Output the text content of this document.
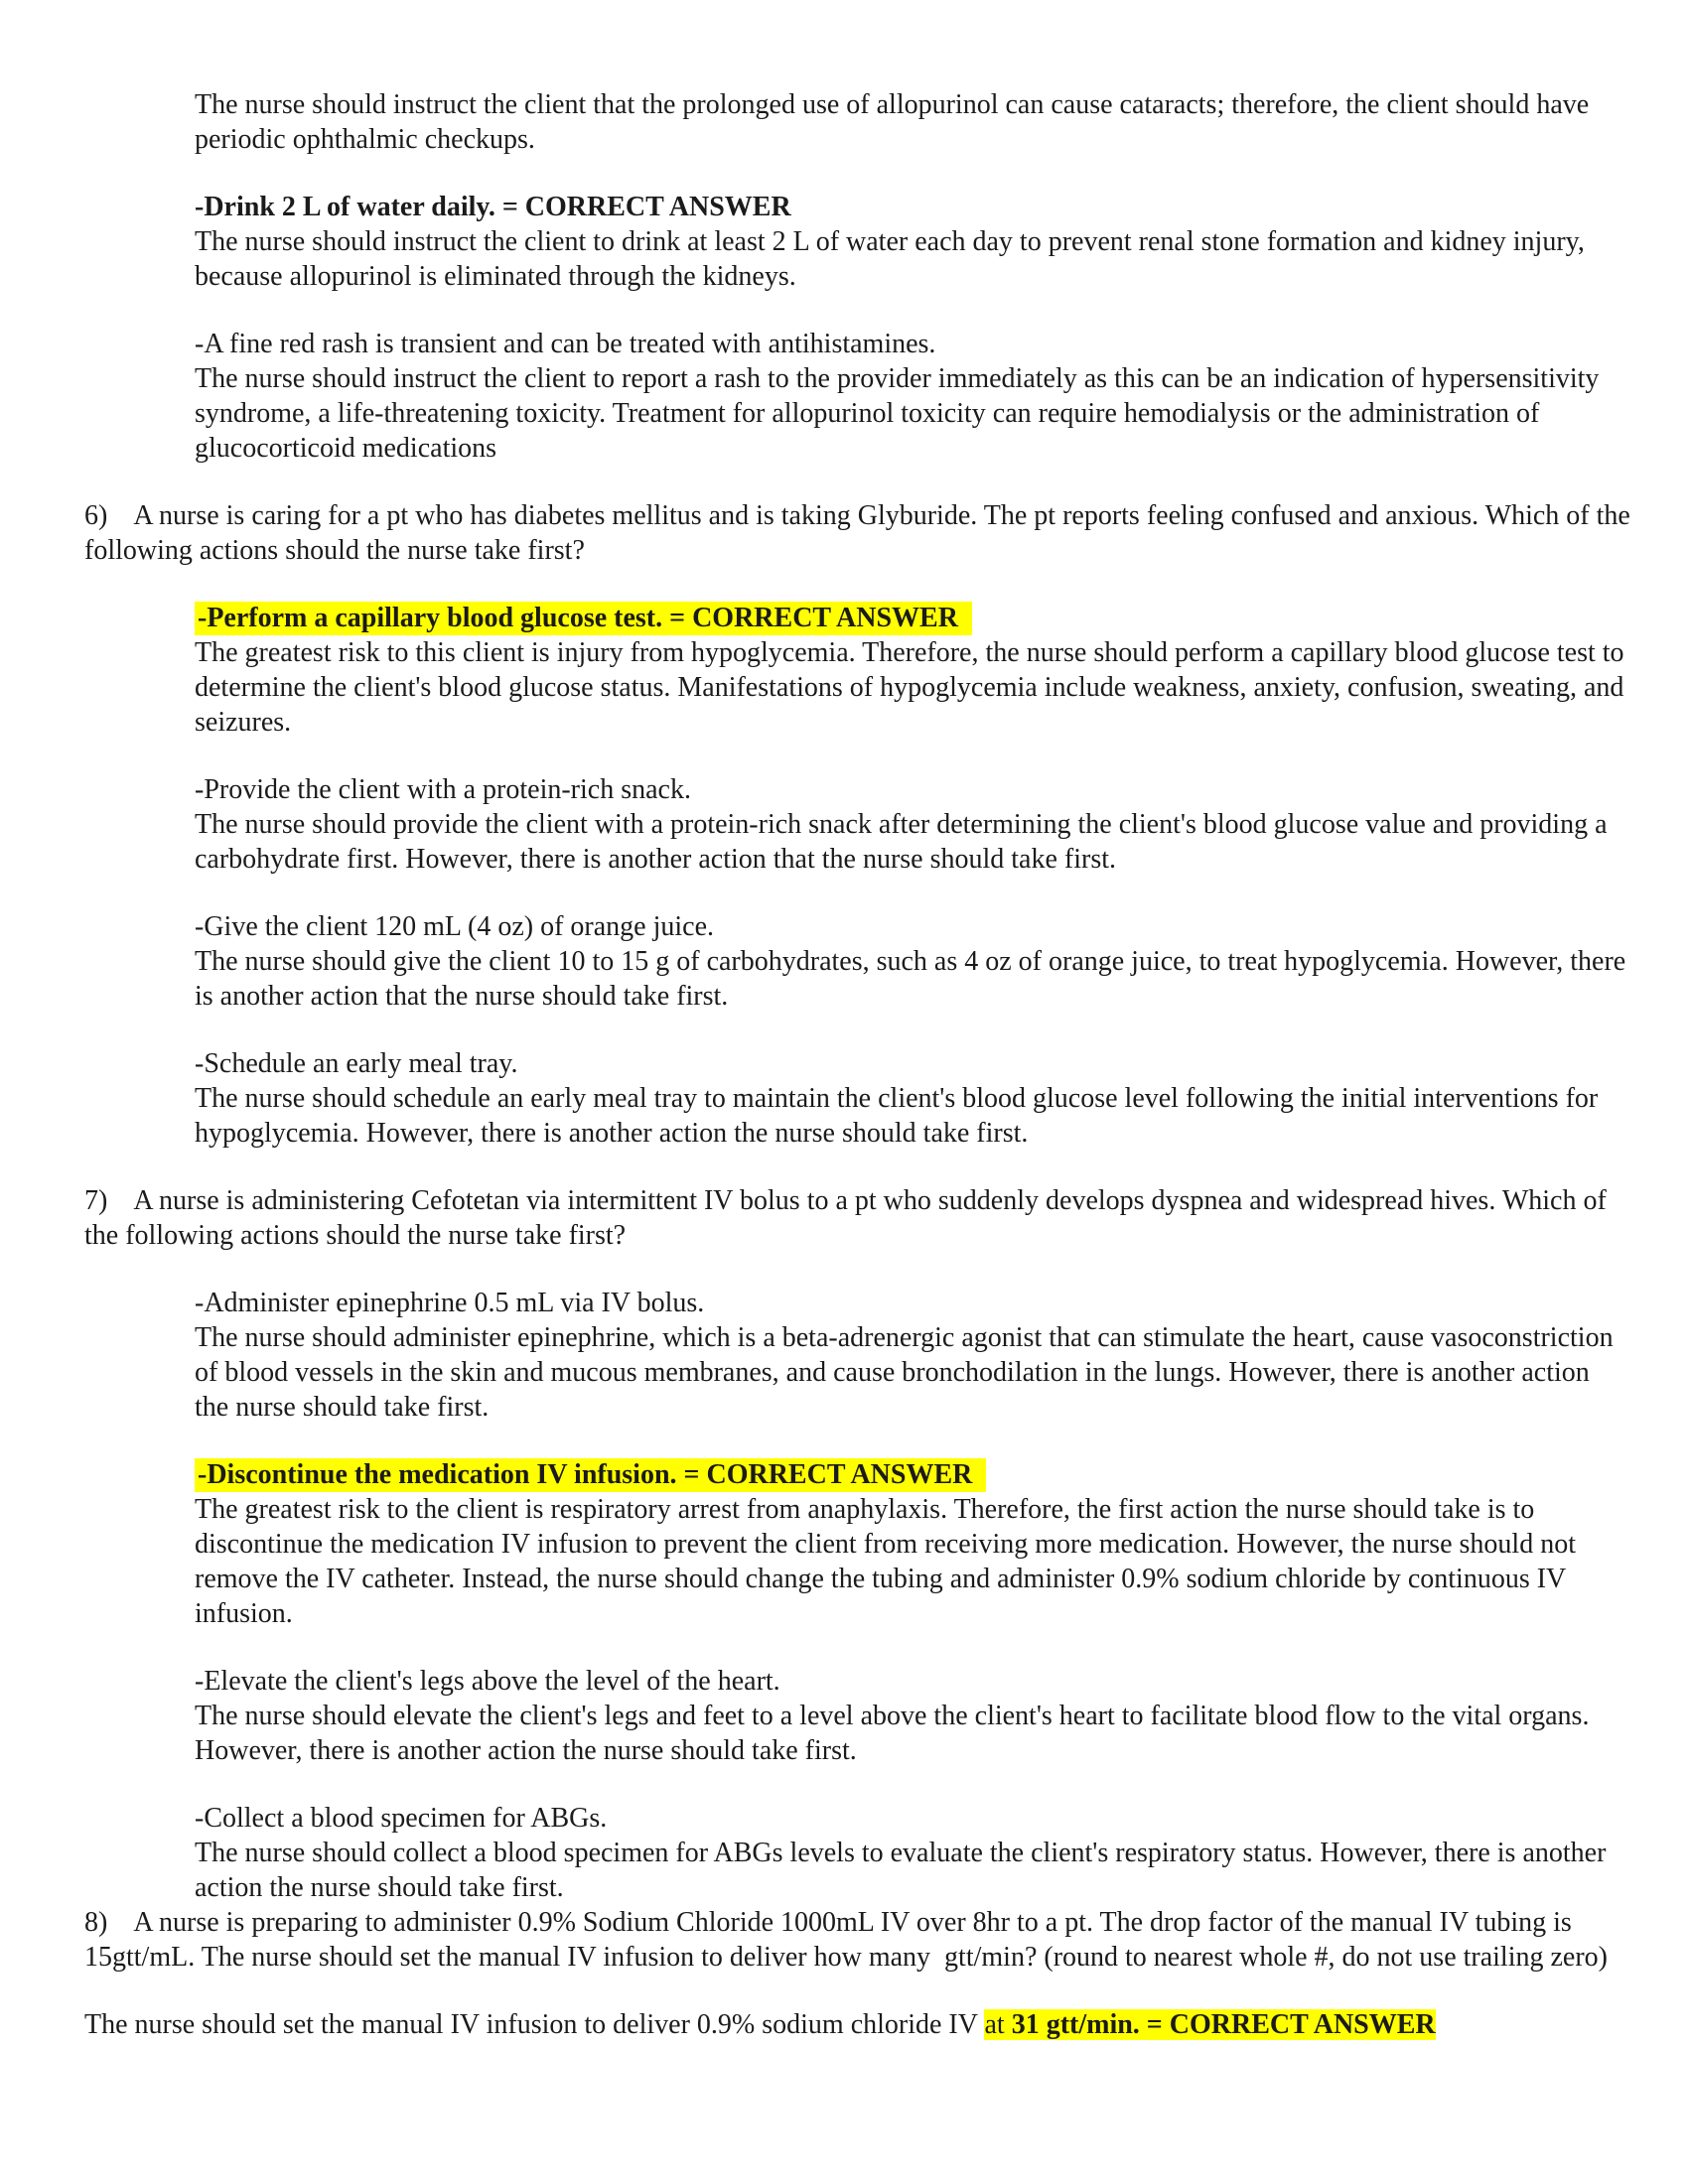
The nurse should instruct the client that the prolonged use of allopurinol can cause cataracts; therefore, the client should have periodic ophthalmic checkups.
-Drink 2 L of water daily. = CORRECT ANSWER
The nurse should instruct the client to drink at least 2 L of water each day to prevent renal stone formation and kidney injury, because allopurinol is eliminated through the kidneys.
-A fine red rash is transient and can be treated with antihistamines.
The nurse should instruct the client to report a rash to the provider immediately as this can be an indication of hypersensitivity syndrome, a life-threatening toxicity. Treatment for allopurinol toxicity can require hemodialysis or the administration of glucocorticoid medications
6) A nurse is caring for a pt who has diabetes mellitus and is taking Glyburide. The pt reports feeling confused and anxious. Which of the following actions should the nurse take first?
-Perform a capillary blood glucose test. = CORRECT ANSWER
The greatest risk to this client is injury from hypoglycemia. Therefore, the nurse should perform a capillary blood glucose test to determine the client's blood glucose status. Manifestations of hypoglycemia include weakness, anxiety, confusion, sweating, and seizures.
-Provide the client with a protein-rich snack.
The nurse should provide the client with a protein-rich snack after determining the client's blood glucose value and providing a carbohydrate first. However, there is another action that the nurse should take first.
-Give the client 120 mL (4 oz) of orange juice.
The nurse should give the client 10 to 15 g of carbohydrates, such as 4 oz of orange juice, to treat hypoglycemia. However, there is another action that the nurse should take first.
-Schedule an early meal tray.
The nurse should schedule an early meal tray to maintain the client's blood glucose level following the initial interventions for hypoglycemia. However, there is another action the nurse should take first.
7) A nurse is administering Cefotetan via intermittent IV bolus to a pt who suddenly develops dyspnea and widespread hives. Which of the following actions should the nurse take first?
-Administer epinephrine 0.5 mL via IV bolus.
The nurse should administer epinephrine, which is a beta-adrenergic agonist that can stimulate the heart, cause vasoconstriction of blood vessels in the skin and mucous membranes, and cause bronchodilation in the lungs. However, there is another action the nurse should take first.
-Discontinue the medication IV infusion. = CORRECT ANSWER
The greatest risk to the client is respiratory arrest from anaphylaxis. Therefore, the first action the nurse should take is to discontinue the medication IV infusion to prevent the client from receiving more medication. However, the nurse should not remove the IV catheter. Instead, the nurse should change the tubing and administer 0.9% sodium chloride by continuous IV infusion.
-Elevate the client's legs above the level of the heart.
The nurse should elevate the client's legs and feet to a level above the client's heart to facilitate blood flow to the vital organs. However, there is another action the nurse should take first.
-Collect a blood specimen for ABGs.
The nurse should collect a blood specimen for ABGs levels to evaluate the client's respiratory status. However, there is another action the nurse should take first.
8) A nurse is preparing to administer 0.9% Sodium Chloride 1000mL IV over 8hr to a pt. The drop factor of the manual IV tubing is 15gtt/mL. The nurse should set the manual IV infusion to deliver how many  gtt/min? (round to nearest whole #, do not use trailing zero)
The nurse should set the manual IV infusion to deliver 0.9% sodium chloride IV at 31 gtt/min. = CORRECT ANSWER
